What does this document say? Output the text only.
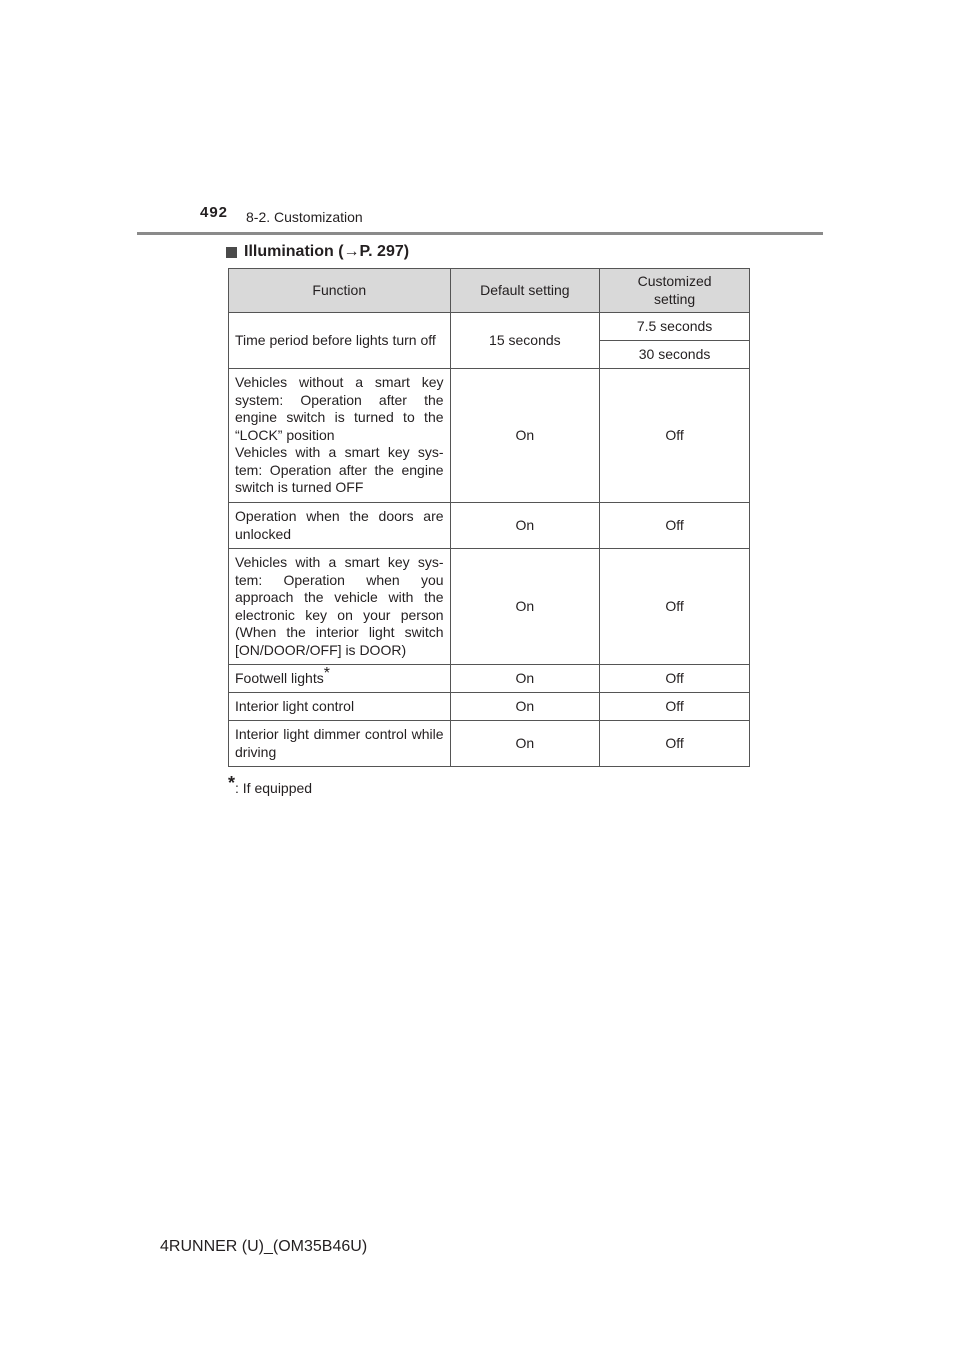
492 8-2. Customization
Illumination ( → P. 297)
Function	Default setting	Customized setting
Time period before lights turn off	15 seconds	7.5 seconds
		30 seconds
Vehicles without a smart key system: Operation after the engine switch is turned to the “LOCK” position
Vehicles with a smart key sys-tem: Operation after the engine switch is turned OFF	On	Off
Operation when the doors are unlocked	On	Off
Vehicles with a smart key sys-tem: Operation when you approach the vehicle with the electronic key on your person (When the interior light switch [ON/DOOR/OFF] is DOOR)	On	Off
Footwell lights*	On	Off
Interior light control	On	Off
Interior light dimmer control while driving	On	Off
*: If equipped
4RUNNER (U)_(OM35B46U)
